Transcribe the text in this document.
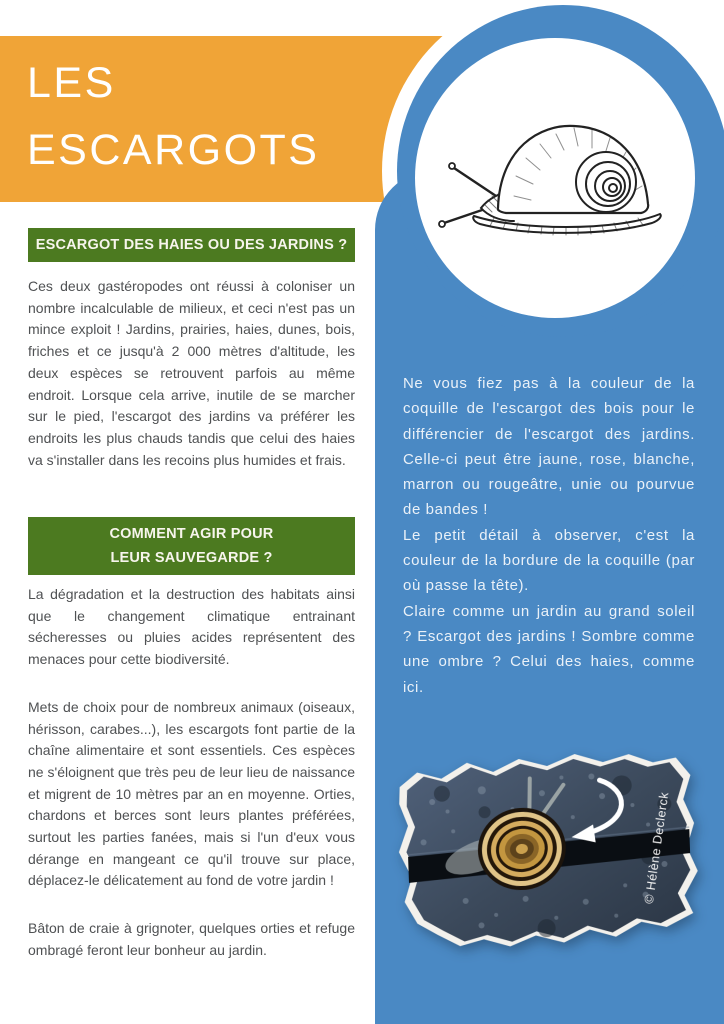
LES
ESCARGOTS
ESCARGOT DES HAIES OU DES JARDINS ?

Ces deux gastéropodes ont réussi à coloniser un nombre incalculable de milieux, et ceci n'est pas un mince exploit ! Jardins, prairies, haies, dunes, bois, friches et ce jusqu'à 2 000 mètres d'altitude, les deux espèces se retrouvent parfois au même endroit. Lorsque cela arrive, inutile de se marcher sur le pied, l'escargot des jardins va préférer les endroits les plus chauds tandis que celui des haies va s'installer dans les recoins plus humides et frais.

COMMENT AGIR POUR
LEUR SAUVEGARDE ?

La dégradation et la destruction des habitats ainsi que le changement climatique entrainant sécheresses ou pluies acides représentent des menaces pour cette biodiversité.

Mets de choix pour de nombreux animaux (oiseaux, hérisson, carabes...), les escargots font partie de la chaîne alimentaire et sont essentiels. Ces espèces ne s'éloignent que très peu de leur lieu de naissance et migrent de 10 mètres par an en moyenne. Orties, chardons et berces sont leurs plantes préférées, surtout les parties fanées, mais si l'un d'eux vous dérange en mangeant ce qu'il trouve sur place, déplacez-le délicatement au fond de votre jardin !

Bâton de craie à grignoter, quelques orties et refuge ombragé feront leur bonheur au jardin.

Ne vous fiez pas à la couleur de la coquille de l'escargot des bois pour le différencier de l'escargot des jardins. Celle-ci peut être jaune, rose, blanche, marron ou rougeâtre, unie ou pourvue de bandes !

Le petit détail à observer, c'est la couleur de la bordure de la coquille (par où passe la tête).

Claire comme un jardin au grand soleil ? Escargot des jardins ! Sombre comme une ombre ? Celui des haies, comme ici.

© Hélène Declerck
